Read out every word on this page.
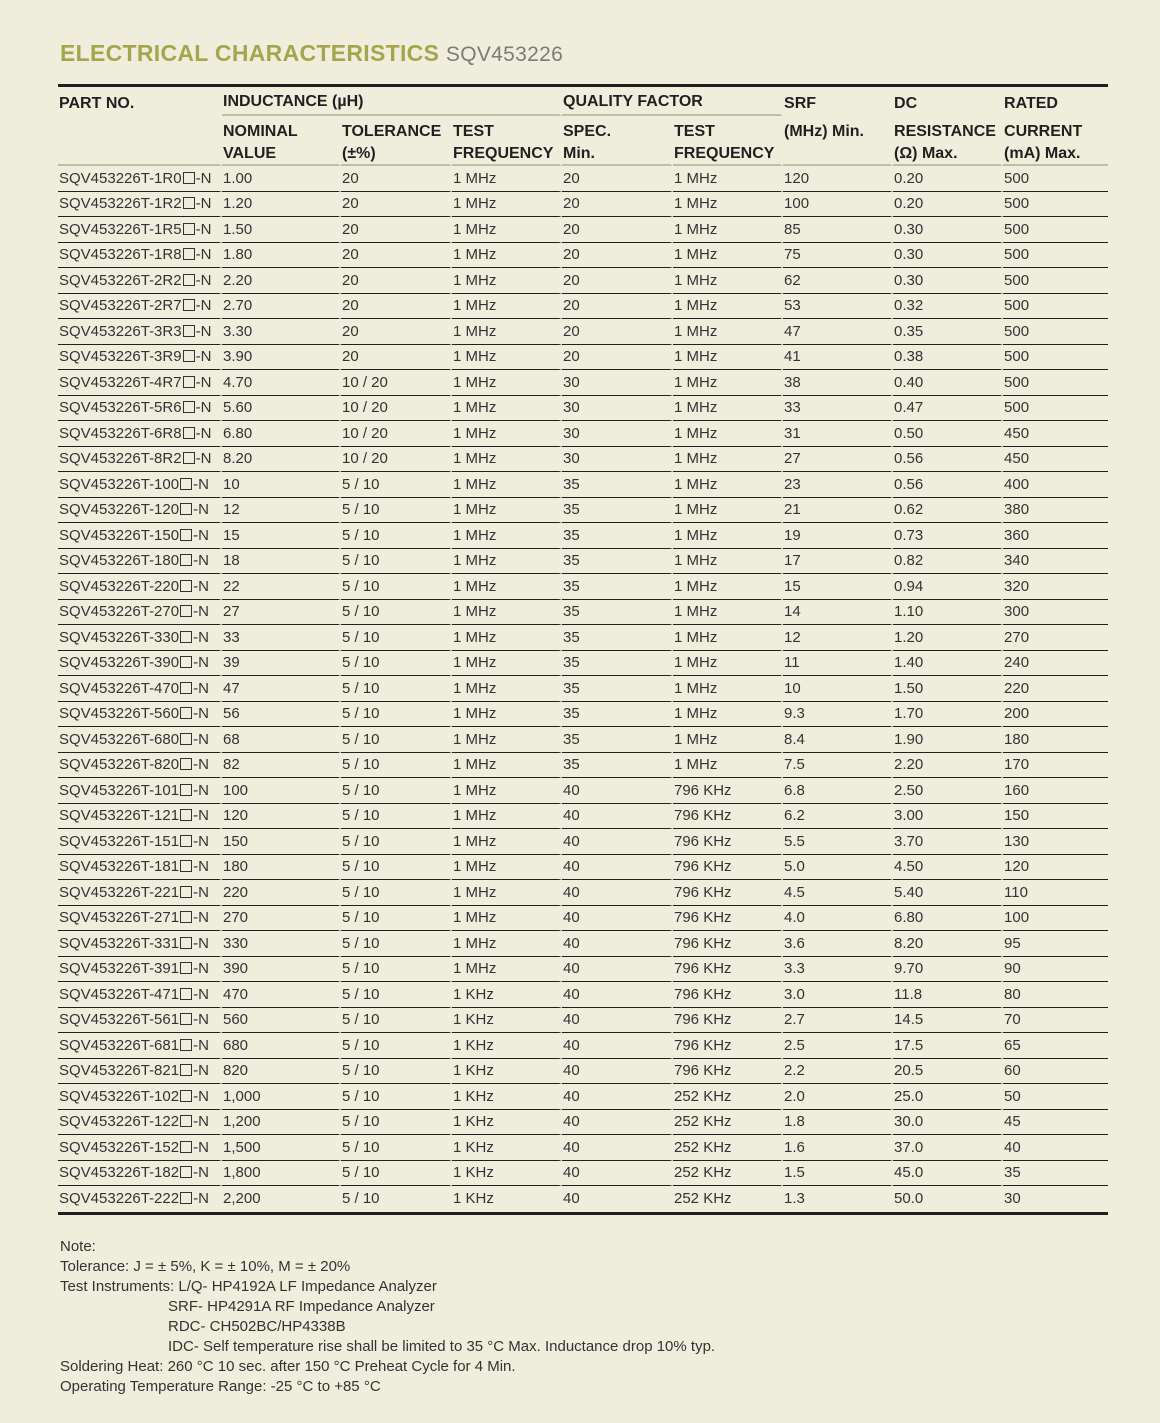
ELECTRICAL CHARACTERISTICS SQV453226
PART NO.	INDUCTANCE (µH)			QUALITY FACTOR		SRF	DC	RATED
	NOMINAL	TOLERANCE	TEST	SPEC.	TEST	(MHz) Min.	RESISTANCE	CURRENT
	VALUE	(±%)	FREQUENCY	Min.	FREQUENCY		(Ω) Max.	(mA) Max.
SQV453226T-1R0 -N	1.00	20	1 MHz	20	1 MHz	120	0.20	500
SQV453226T-1R2 -N	1.20	20	1 MHz	20	1 MHz	100	0.20	500
SQV453226T-1R5 -N	1.50	20	1 MHz	20	1 MHz	85	0.30	500
SQV453226T-1R8 -N	1.80	20	1 MHz	20	1 MHz	75	0.30	500
SQV453226T-2R2 -N	2.20	20	1 MHz	20	1 MHz	62	0.30	500
SQV453226T-2R7 -N	2.70	20	1 MHz	20	1 MHz	53	0.32	500
SQV453226T-3R3 -N	3.30	20	1 MHz	20	1 MHz	47	0.35	500
SQV453226T-3R9 -N	3.90	20	1 MHz	20	1 MHz	41	0.38	500
SQV453226T-4R7 -N	4.70	10 / 20	1 MHz	30	1 MHz	38	0.40	500
SQV453226T-5R6 -N	5.60	10 / 20	1 MHz	30	1 MHz	33	0.47	500
SQV453226T-6R8 -N	6.80	10 / 20	1 MHz	30	1 MHz	31	0.50	450
SQV453226T-8R2 -N	8.20	10 / 20	1 MHz	30	1 MHz	27	0.56	450
SQV453226T-100 -N	10	5 / 10	1 MHz	35	1 MHz	23	0.56	400
SQV453226T-120 -N	12	5 / 10	1 MHz	35	1 MHz	21	0.62	380
SQV453226T-150 -N	15	5 / 10	1 MHz	35	1 MHz	19	0.73	360
SQV453226T-180 -N	18	5 / 10	1 MHz	35	1 MHz	17	0.82	340
SQV453226T-220 -N	22	5 / 10	1 MHz	35	1 MHz	15	0.94	320
SQV453226T-270 -N	27	5 / 10	1 MHz	35	1 MHz	14	1.10	300
SQV453226T-330 -N	33	5 / 10	1 MHz	35	1 MHz	12	1.20	270
SQV453226T-390 -N	39	5 / 10	1 MHz	35	1 MHz	11	1.40	240
SQV453226T-470 -N	47	5 / 10	1 MHz	35	1 MHz	10	1.50	220
SQV453226T-560 -N	56	5 / 10	1 MHz	35	1 MHz	9.3	1.70	200
SQV453226T-680 -N	68	5 / 10	1 MHz	35	1 MHz	8.4	1.90	180
SQV453226T-820 -N	82	5 / 10	1 MHz	35	1 MHz	7.5	2.20	170
SQV453226T-101 -N	100	5 / 10	1 MHz	40	796 KHz	6.8	2.50	160
SQV453226T-121 -N	120	5 / 10	1 MHz	40	796 KHz	6.2	3.00	150
SQV453226T-151 -N	150	5 / 10	1 MHz	40	796 KHz	5.5	3.70	130
SQV453226T-181 -N	180	5 / 10	1 MHz	40	796 KHz	5.0	4.50	120
SQV453226T-221 -N	220	5 / 10	1 MHz	40	796 KHz	4.5	5.40	110
SQV453226T-271 -N	270	5 / 10	1 MHz	40	796 KHz	4.0	6.80	100
SQV453226T-331 -N	330	5 / 10	1 MHz	40	796 KHz	3.6	8.20	95
SQV453226T-391 -N	390	5 / 10	1 MHz	40	796 KHz	3.3	9.70	90
SQV453226T-471 -N	470	5 / 10	1 KHz	40	796 KHz	3.0	11.8	80
SQV453226T-561 -N	560	5 / 10	1 KHz	40	796 KHz	2.7	14.5	70
SQV453226T-681 -N	680	5 / 10	1 KHz	40	796 KHz	2.5	17.5	65
SQV453226T-821 -N	820	5 / 10	1 KHz	40	796 KHz	2.2	20.5	60
SQV453226T-102 -N	1,000	5 / 10	1 KHz	40	252 KHz	2.0	25.0	50
SQV453226T-122 -N	1,200	5 / 10	1 KHz	40	252 KHz	1.8	30.0	45
SQV453226T-152 -N	1,500	5 / 10	1 KHz	40	252 KHz	1.6	37.0	40
SQV453226T-182 -N	1,800	5 / 10	1 KHz	40	252 KHz	1.5	45.0	35
SQV453226T-222 -N	2,200	5 / 10	1 KHz	40	252 KHz	1.3	50.0	30
Note:
Tolerance: J = ± 5%, K = ± 10%, M = ± 20%
Test Instruments: L/Q- HP4192A LF Impedance Analyzer
SRF- HP4291A RF Impedance Analyzer
RDC- CH502BC/HP4338B
IDC- Self temperature rise shall be limited to 35 °C Max. Inductance drop 10% typ.
Soldering Heat: 260 °C 10 sec. after 150 °C Preheat Cycle for 4 Min.
Operating Temperature Range: -25 °C to +85 °C
